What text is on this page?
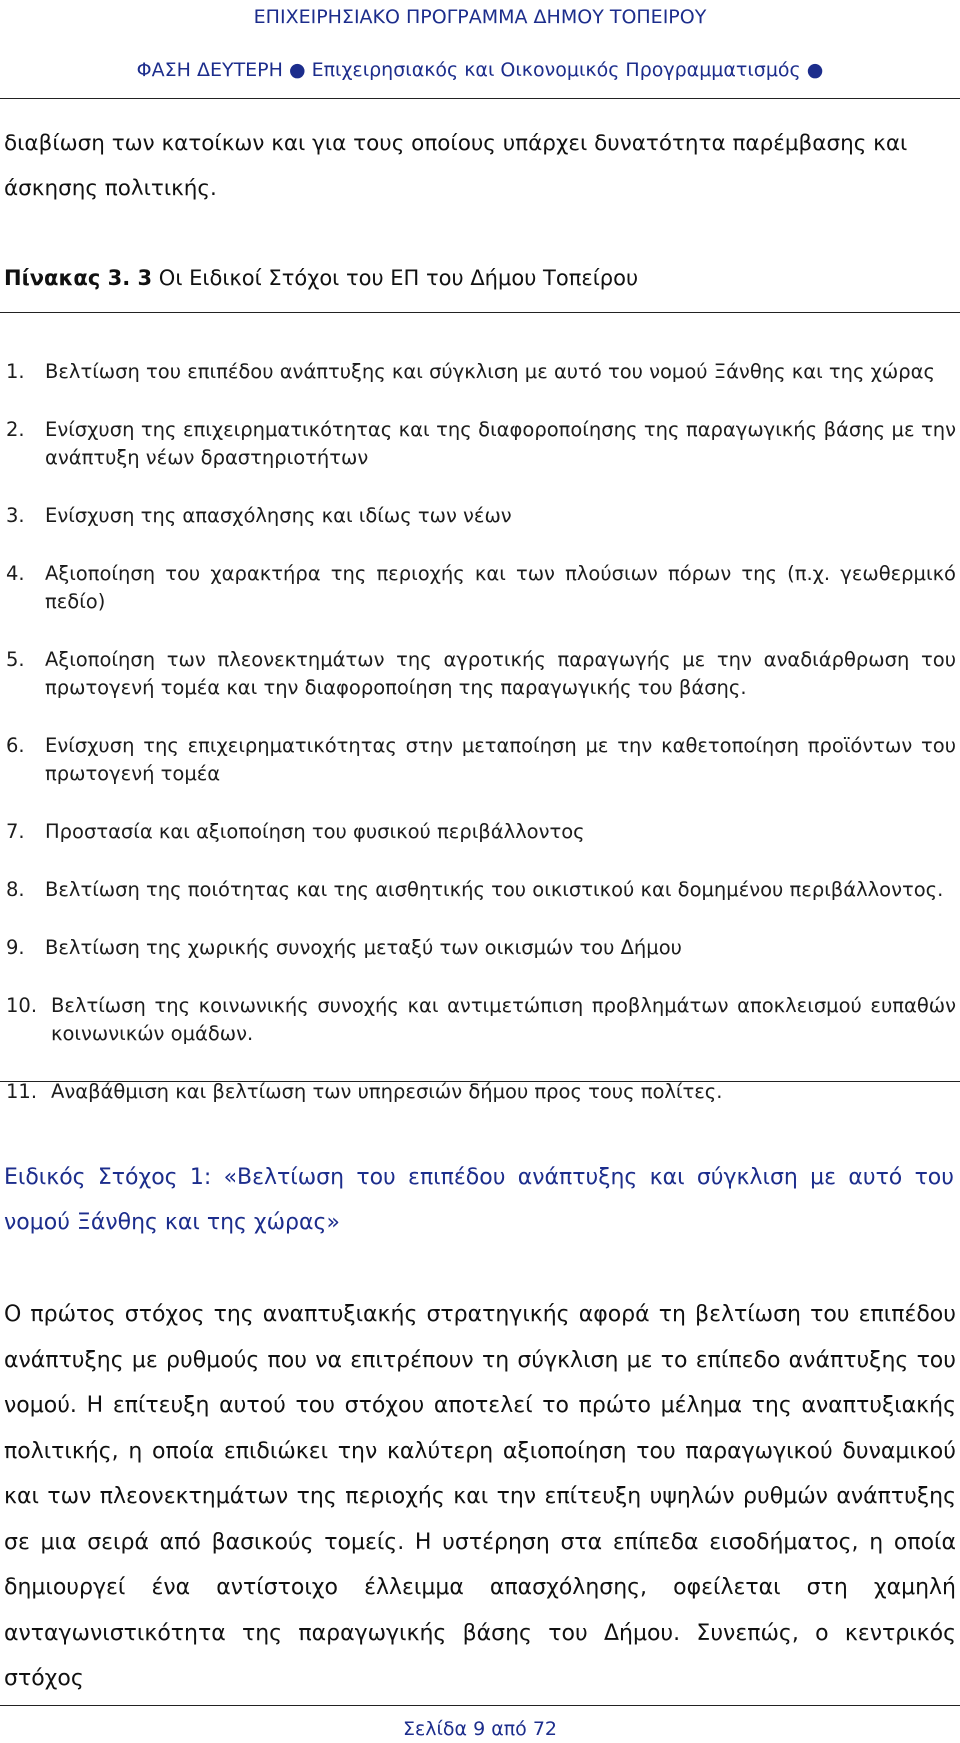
ΕΠΙΧΕΙΡΗΣΙΑΚΟ ΠΡΟΓΡΑΜΜΑ ΔΗΜΟΥ ΤΟΠΕΙΡΟΥ
ΦΑΣΗ ΔΕΥΤΕΡΗ ● Επιχειρησιακός και Οικονομικός Προγραμματισμός ●
διαβίωση των κατοίκων και για τους οποίους υπάρχει δυνατότητα παρέμβασης και άσκησης πολιτικής.
Πίνακας 3. 3 Οι Ειδικοί Στόχοι του ΕΠ του Δήμου Τοπείρου
1.	Βελτίωση του επιπέδου ανάπτυξης και σύγκλιση με αυτό του νομού Ξάνθης και της χώρας
2.	Ενίσχυση της επιχειρηματικότητας και της διαφοροποίησης της παραγωγικής βάσης με την ανάπτυξη νέων δραστηριοτήτων
3.	Ενίσχυση της απασχόλησης και ιδίως των νέων
4.	Αξιοποίηση του χαρακτήρα της περιοχής και των πλούσιων πόρων της (π.χ. γεωθερμικό πεδίο)
5.	Αξιοποίηση των πλεονεκτημάτων της αγροτικής παραγωγής με την αναδιάρθρωση του πρωτογενή τομέα και την διαφοροποίηση της παραγωγικής του βάσης.
6.	Ενίσχυση της επιχειρηματικότητας στην μεταποίηση με την καθετοποίηση προϊόντων του πρωτογενή τομέα
7.	Προστασία και αξιοποίηση του φυσικού περιβάλλοντος
8.	Βελτίωση της ποιότητας και της αισθητικής του οικιστικού και δομημένου περιβάλλοντος.
9.	Βελτίωση της χωρικής συνοχής μεταξύ των οικισμών του Δήμου
10. Βελτίωση της κοινωνικής συνοχής και αντιμετώπιση προβλημάτων αποκλεισμού ευπαθών κοινωνικών ομάδων.
11. Αναβάθμιση και βελτίωση των υπηρεσιών δήμου προς τους πολίτες.
Ειδικός Στόχος 1: «Βελτίωση του επιπέδου ανάπτυξης και σύγκλιση με αυτό του νομού Ξάνθης και της χώρας»
Ο πρώτος στόχος της αναπτυξιακής στρατηγικής αφορά τη βελτίωση του επιπέδου ανάπτυξης με ρυθμούς που να επιτρέπουν τη σύγκλιση με το επίπεδο ανάπτυξης του νομού. Η επίτευξη αυτού του στόχου αποτελεί το πρώτο μέλημα της αναπτυξιακής πολιτικής, η οποία επιδιώκει την καλύτερη αξιοποίηση του παραγωγικού δυναμικού και των πλεονεκτημάτων της περιοχής και την επίτευξη υψηλών ρυθμών ανάπτυξης σε μια σειρά από βασικούς τομείς. Η υστέρηση στα επίπεδα εισοδήματος, η οποία δημιουργεί ένα αντίστοιχο έλλειμμα απασχόλησης, οφείλεται στη χαμηλή ανταγωνιστικότητα της παραγωγικής βάσης του Δήμου. Συνεπώς, ο κεντρικός στόχος
Σελίδα 9 από 72
